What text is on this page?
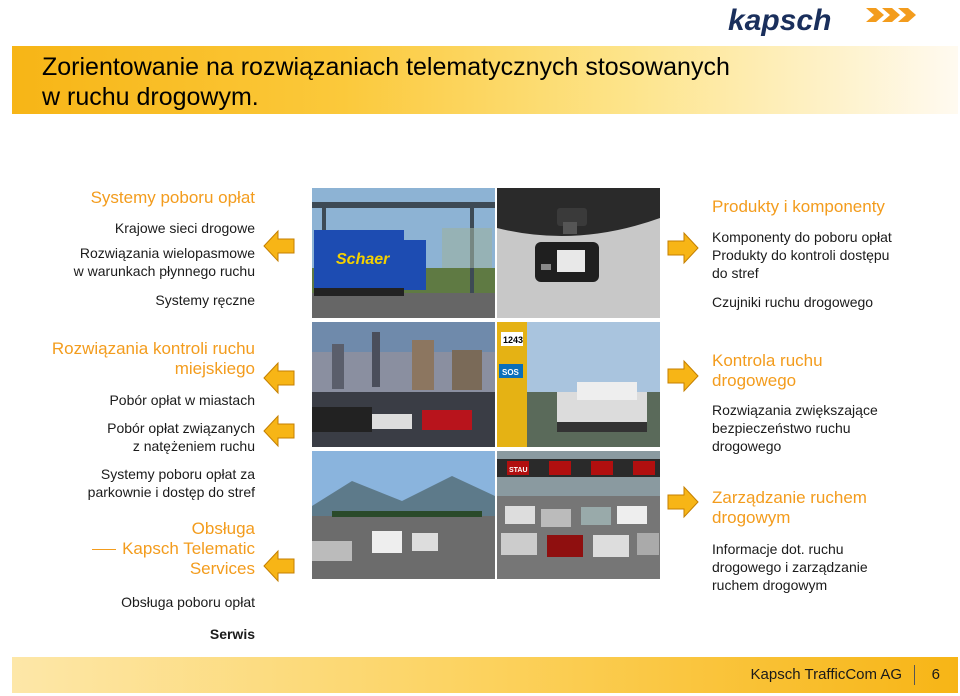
kapsch
Zorientowanie na rozwiązaniach telematycznych stosowanych
w ruchu drogowym.
Systemy poboru opłat
Krajowe sieci drogowe
Rozwiązania wielopasmowe
w warunkach płynnego ruchu
Systemy ręczne
Rozwiązania kontroli ruchu
miejskiego
Pobór opłat w miastach
Pobór opłat związanych
z natężeniem ruchu
Systemy poboru opłat za
parkownie i dostęp do stref
Obsługa
Kapsch Telematic
Services
Obsługa poboru opłat
Serwis
Schaer
1243
SOS
STAU
Produkty i komponenty
Komponenty do poboru opłat
Produkty do kontroli dostępu
do stref
Czujniki ruchu drogowego
Kontrola ruchu
drogowego
Rozwiązania zwiększające
bezpieczeństwo ruchu
drogowego
Zarządzanie ruchem
drogowym
Informacje dot. ruchu
drogowego i zarządzanie
ruchem drogowym
Kapsch TrafficCom AG 6
